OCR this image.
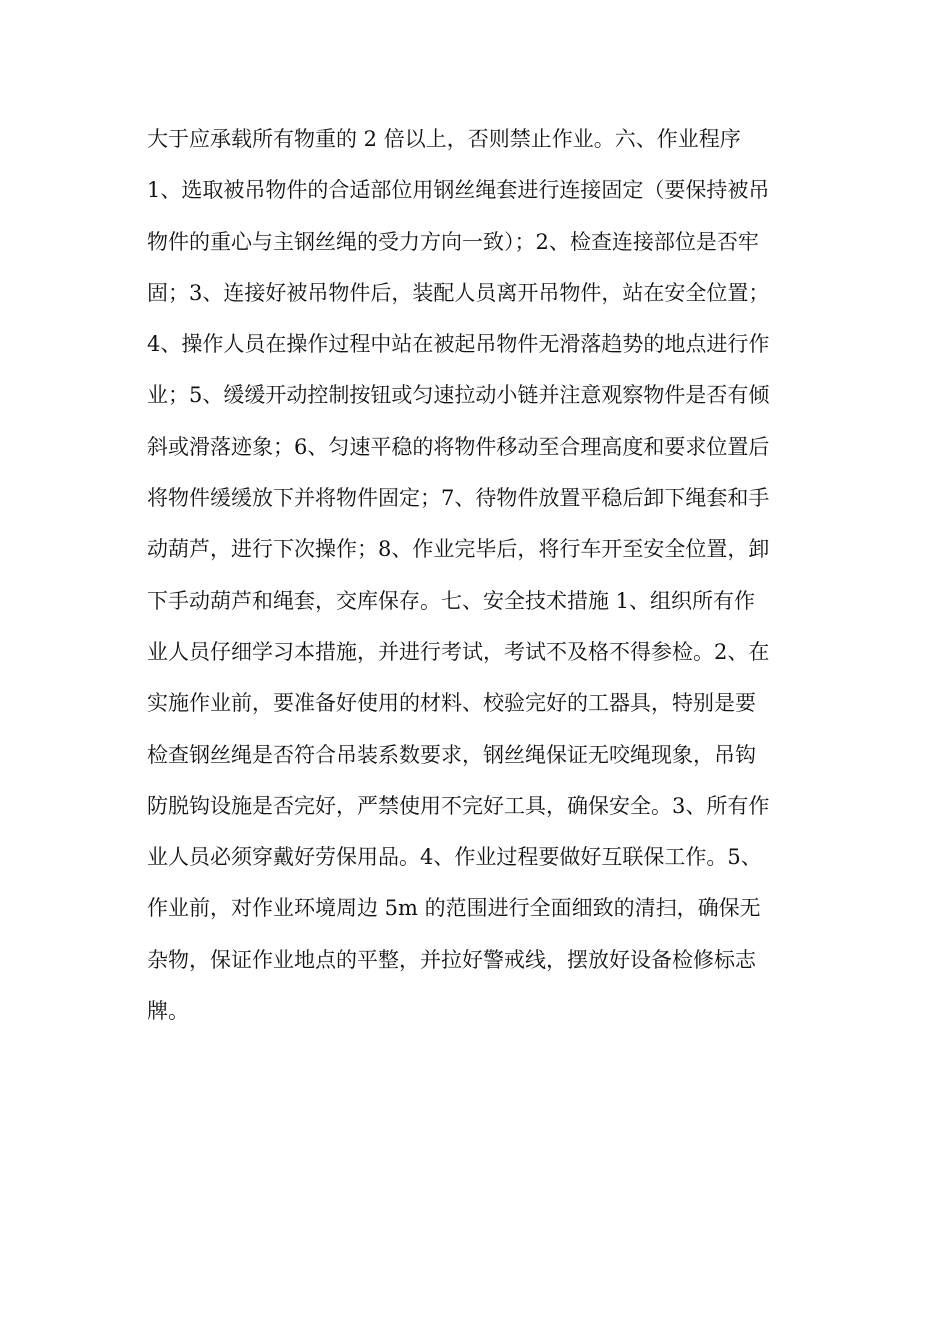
大于应承载所有物重的 2 倍以上，否则禁止作业。六、作业程序
1、选取被吊物件的合适部位用钢丝绳套进行连接固定（要保持被吊
物件的重心与主钢丝绳的受力方向一致）；2、检查连接部位是否牢
固；3、连接好被吊物件后，装配人员离开吊物件，站在安全位置；
4、操作人员在操作过程中站在被起吊物件无滑落趋势的地点进行作
业；5、缓缓开动控制按钮或匀速拉动小链并注意观察物件是否有倾
斜或滑落迹象；6、匀速平稳的将物件移动至合理高度和要求位置后
将物件缓缓放下并将物件固定；7、待物件放置平稳后卸下绳套和手
动葫芦，进行下次操作；8、作业完毕后，将行车开至安全位置，卸
下手动葫芦和绳套，交库保存。七、安全技术措施 1、组织所有作
业人员仔细学习本措施，并进行考试，考试不及格不得参检。2、在
实施作业前，要准备好使用的材料、校验完好的工器具，特别是要
检查钢丝绳是否符合吊装系数要求，钢丝绳保证无咬绳现象，吊钩
防脱钩设施是否完好，严禁使用不完好工具，确保安全。3、所有作
业人员必须穿戴好劳保用品。4、作业过程要做好互联保工作。5、
作业前，对作业环境周边 5m 的范围进行全面细致的清扫，确保无
杂物，保证作业地点的平整，并拉好警戒线，摆放好设备检修标志
牌。
